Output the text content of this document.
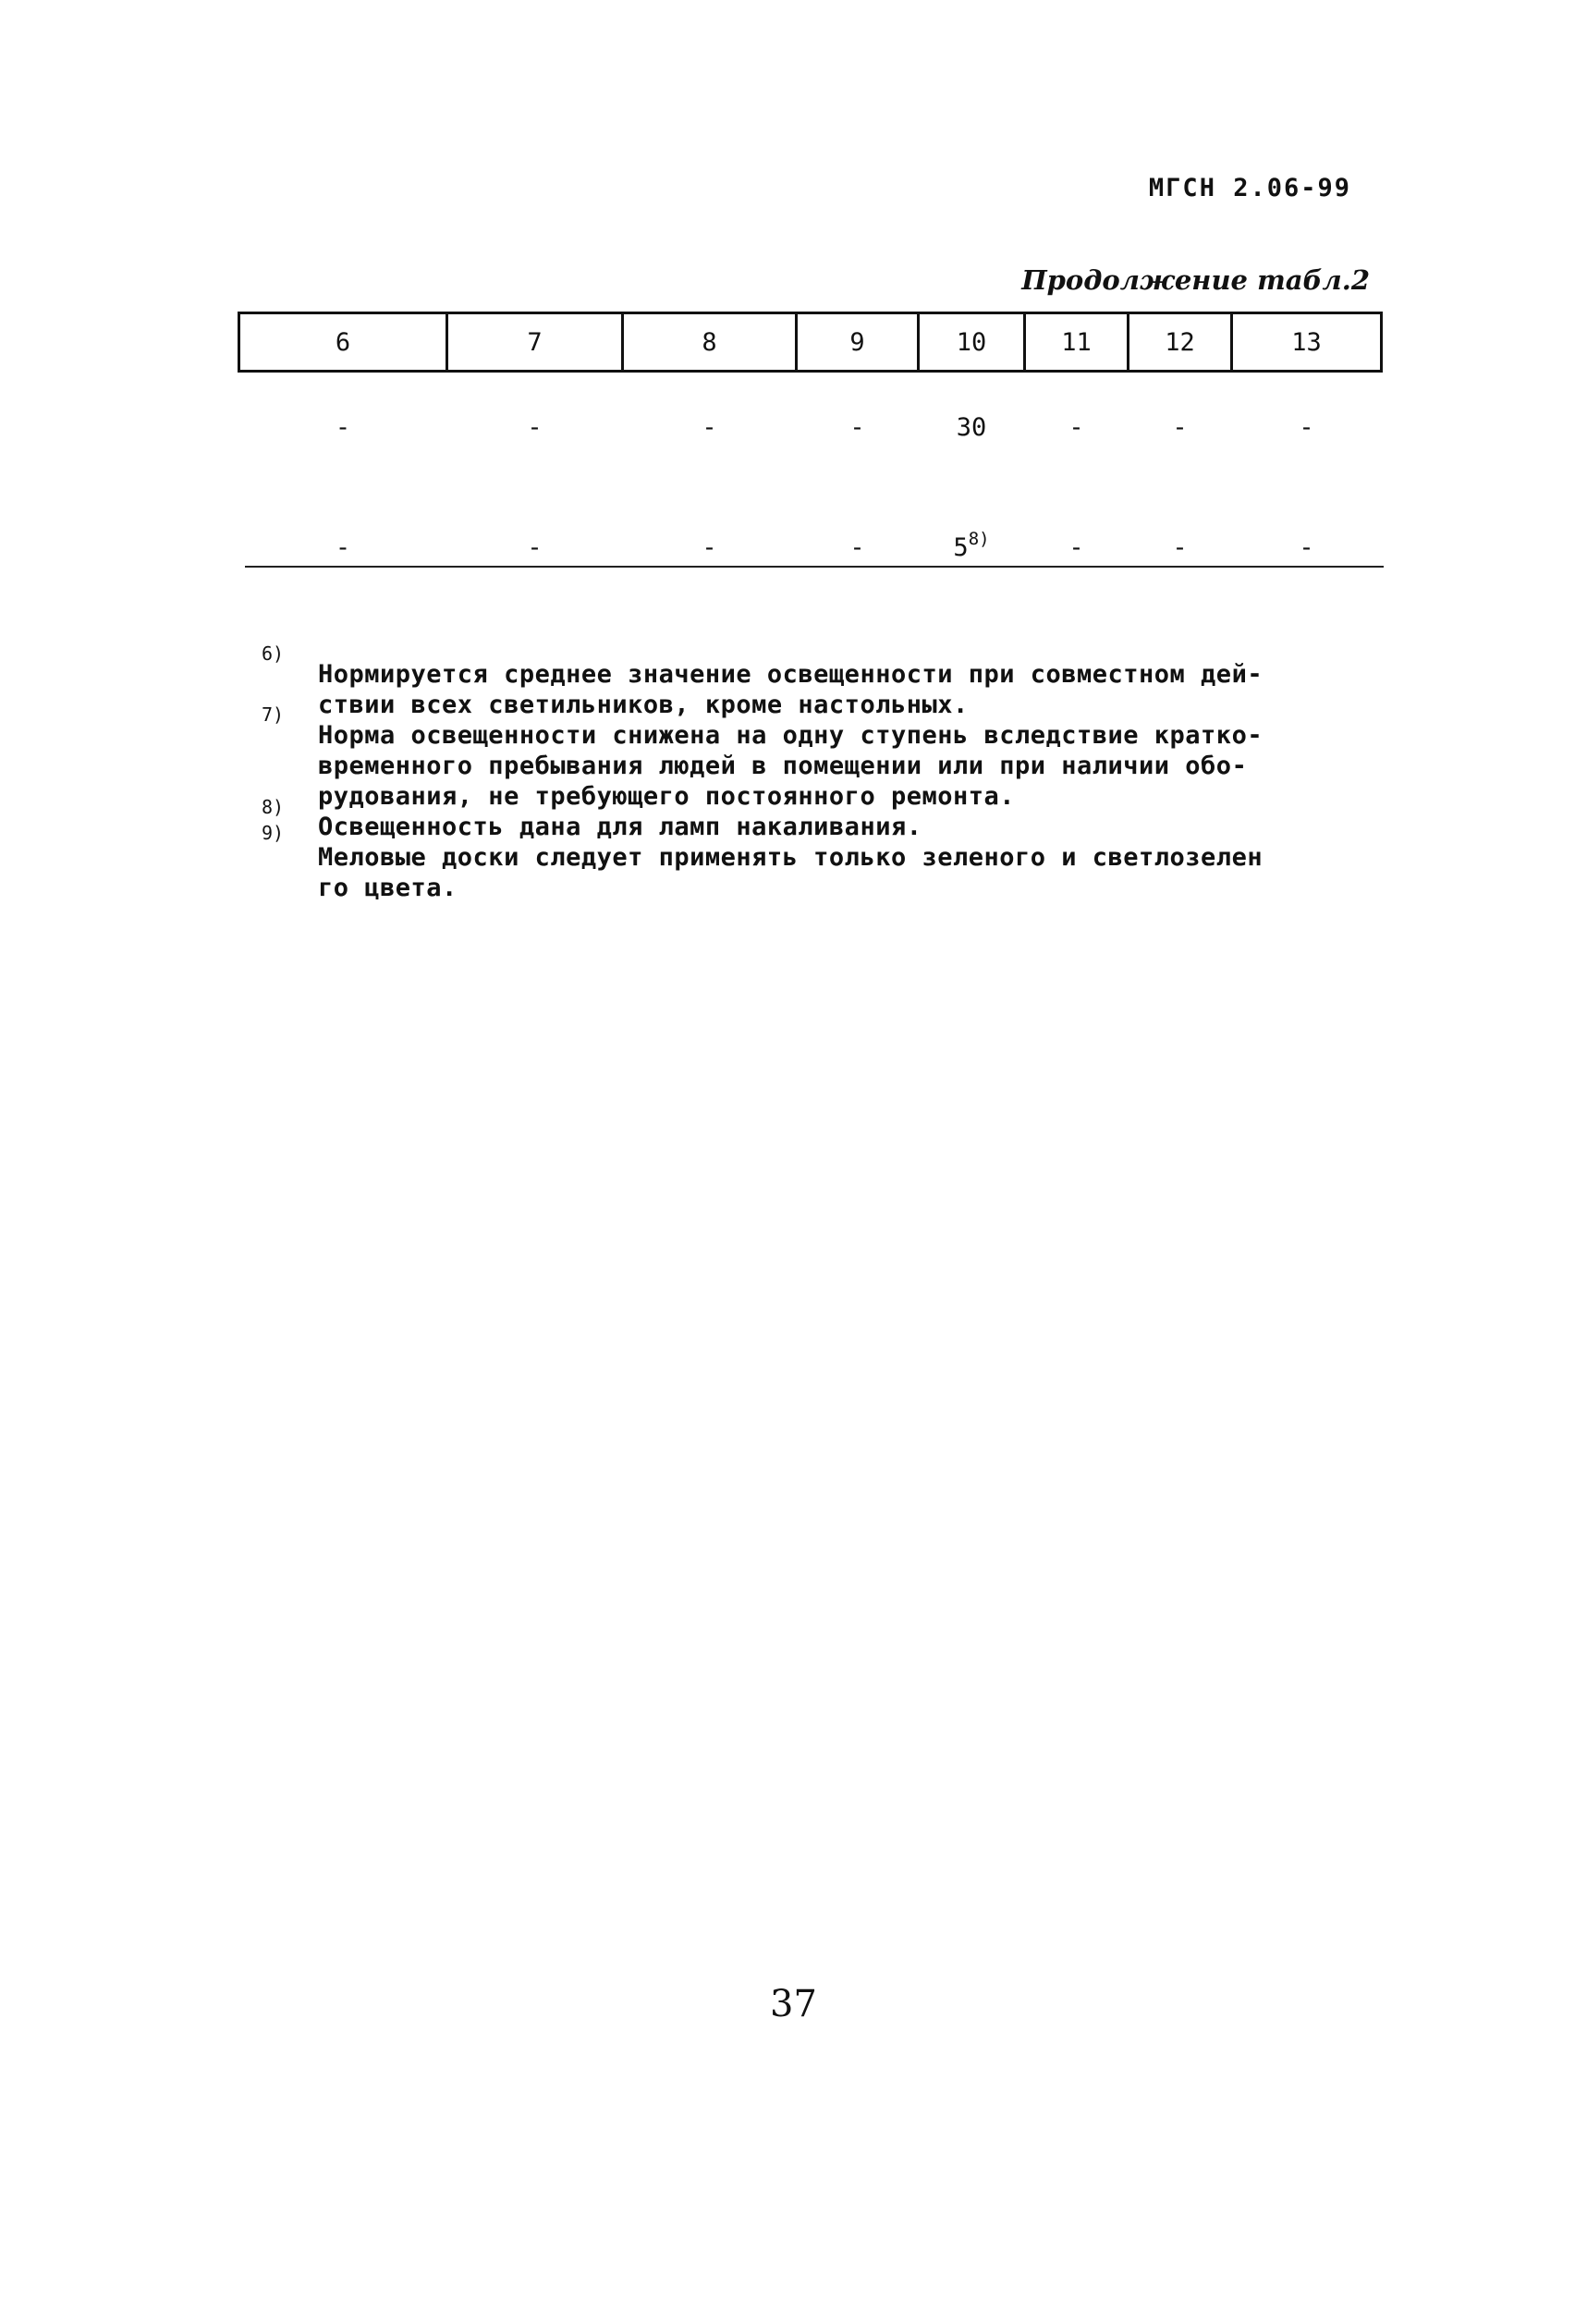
МГСН 2.06-99
Продолжение табл.2
6	7	8	9	10	11	12	13
-	-	-	-	30	-	-	-
-	-	-	-	5$^{8)}$	-	-	-
6)
7)
8)
9)
Нормируется среднее значение освещенности при совместном дей-
ствии всех светильников, кроме настольных.
Норма освещенности снижена на одну ступень вследствие кратко-
временного пребывания людей в помещении или при наличии обо-
рудования, не требующего постоянного ремонта.
Освещенность дана для ламп накаливания.
Меловые доски следует применять только зеленого и светлозелен
го цвета.
37
